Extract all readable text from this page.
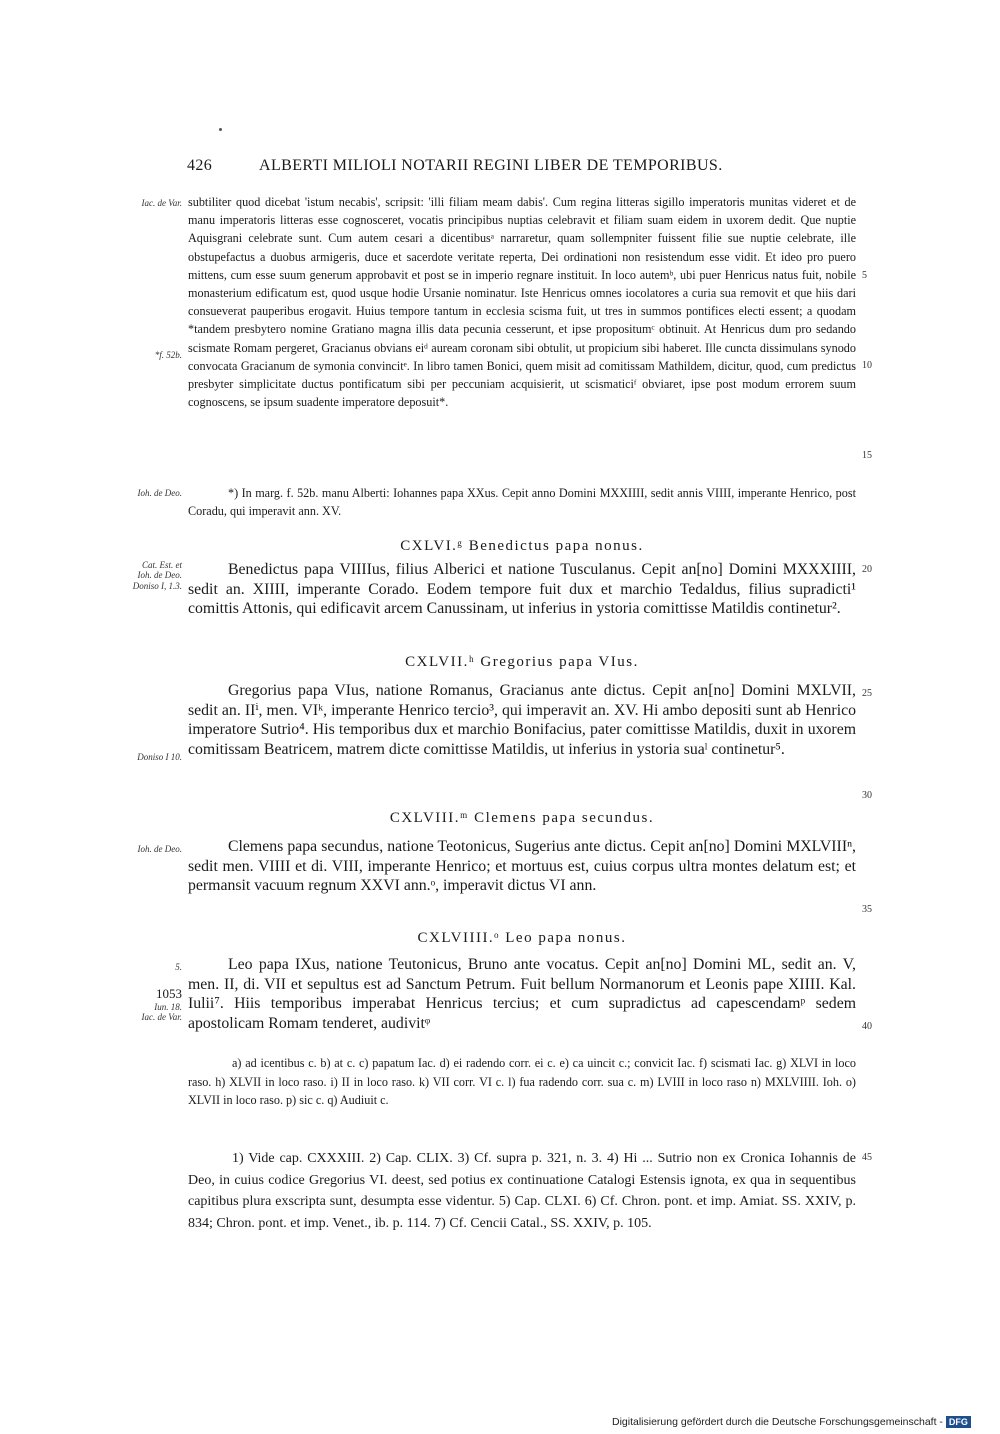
426	ALBERTI MILIOLI NOTARII REGINI LIBER DE TEMPORIBUS.
Iac. de Var.
*f. 52b.
Ioh. de Deo.
Cat. Est. et
Ioh. de Deo.
Doniso I, 1.3.
Doniso I 10.
Ioh. de Deo.
5.
1053
Iun. 18.
Iac. de Var.
5
10
15
20
25
30
35
40
45

subtiliter quod dicebat 'istum necabis', scripsit: 'illi filiam meam dabis'. Cum regina litteras sigillo imperatoris munitas videret et de manu imperatoris litteras esse cognosceret, vocatis principibus nuptias celebravit et filiam suam eidem in uxorem dedit. Que nuptie Aquisgrani celebrate sunt. Cum autem cesari a dicentibusᵃ narraretur, quam sollempniter fuissent filie sue nuptie celebrate, ille obstupefactus a duobus armigeris, duce et sacerdote veritate reperta, Dei ordinationi non resistendum esse vidit. Et ideo pro puero mittens, cum esse suum generum approbavit et post se in imperio regnare instituit. In loco autemᵇ, ubi puer Henricus natus fuit, nobile monasterium edificatum est, quod usque hodie Ursanie nominatur. Iste Henricus omnes iocolatores a curia sua removit et que hiis dari consueverat pauperibus erogavit. Huius tempore tantum in ecclesia scisma fuit, ut tres in summos pontifices electi essent; a quodam *tandem presbytero nomine Gratiano magna illis data pecunia cesserunt, et ipse propositumᶜ obtinuit. At Henricus dum pro sedando scismate Romam pergeret, Gracianus obvians eiᵈ auream coronam sibi obtulit, ut propicium sibi haberet. Ille cuncta dissimulans synodo convocata Gracianum de symonia convincitᵉ. In libro tamen Bonici, quem misit ad comitissam Mathildem, dicitur, quod, cum predictus presbyter simplicitate ductus pontificatum sibi per peccuniam acquisierit, ut scismaticiᶠ obviaret, ipse post modum errorem suum cognoscens, se ipsum suadente imperatore deposuit*.

*) In marg. f. 52b. manu Alberti: Iohannes papa XXus. Cepit anno Domini MXXIIII, sedit annis VIIII, imperante Henrico, post Coradu, qui imperavit ann. XV.

CXLVI.ᵍ Benedictus papa nonus.

Benedictus papa VIIIIus, filius Alberici et natione Tusculanus. Cepit an[no] Domini MXXXIIII, sedit an. XIIII, imperante Corado. Eodem tempore fuit dux et marchio Tedaldus, filius supradicti¹ comittis Attonis, qui edificavit arcem Canussinam, ut inferius in ystoria comittisse Matildis continetur².

CXLVII.ʰ Gregorius papa VIus.

Gregorius papa VIus, natione Romanus, Gracianus ante dictus. Cepit an[no] Domini MXLVII, sedit an. IIⁱ, men. VIᵏ, imperante Henrico tercio³, qui imperavit an. XV. Hi ambo depositi sunt ab Henrico imperatore Sutrio⁴. His temporibus dux et marchio Bonifacius, pater comittisse Matildis, duxit in uxorem comitissam Beatricem, matrem dicte comittisse Matildis, ut inferius in ystoria suaˡ continetur⁵.

CXLVIII.ᵐ Clemens papa secundus.

Clemens papa secundus, natione Teotonicus, Sugerius ante dictus. Cepit an[no] Domini MXLVIIIⁿ, sedit men. VIIII et di. VIII, imperante Henrico; et mortuus est, cuius corpus ultra montes delatum est; et permansit vacuum regnum XXVI ann.ᵒ, imperavit dictus VI ann.

CXLVIIII.ᵒ Leo papa nonus.

Leo papa IXus, natione Teutonicus, Bruno ante vocatus. Cepit an[no] Domini ML, sedit an. V, men. II, di. VII et sepultus est ad Sanctum Petrum. Fuit bellum Normanorum et Leonis pape XIIII. Kal. Iulii⁷. Hiis temporibus imperabat Henricus tercius; et cum supradictus ad capescendamᵖ sedem apostolicam Romam tenderet, audivitᵠ

a) ad icentibus c. b) at c. c) papatum Iac. d) ei radendo corr. ei c. e) ca uincit c.; convicit Iac. f) scismati Iac. g) XLVI in loco raso. h) XLVII in loco raso. i) II in loco raso. k) VII corr. VI c. l) fua radendo corr. sua c. m) LVIII in loco raso n) MXLVIIII. Ioh. o) XLVII in loco raso. p) sic c. q) Audiuit c.

1) Vide cap. CXXXIII. 2) Cap. CLIX. 3) Cf. supra p. 321, n. 3. 4) Hi ... Sutrio non ex Cronica Iohannis de Deo, in cuius codice Gregorius VI. deest, sed potius ex continuatione Catalogi Estensis ignota, ex qua in sequentibus capitibus plura exscripta sunt, desumpta esse videntur. 5) Cap. CLXI. 6) Cf. Chron. pont. et imp. Amiat. SS. XXIV, p. 834; Chron. pont. et imp. Venet., ib. p. 114. 7) Cf. Cencii Catal., SS. XXIV, p. 105.

Digitalisierung gefördert durch die Deutsche Forschungsgemeinschaft - DFG
